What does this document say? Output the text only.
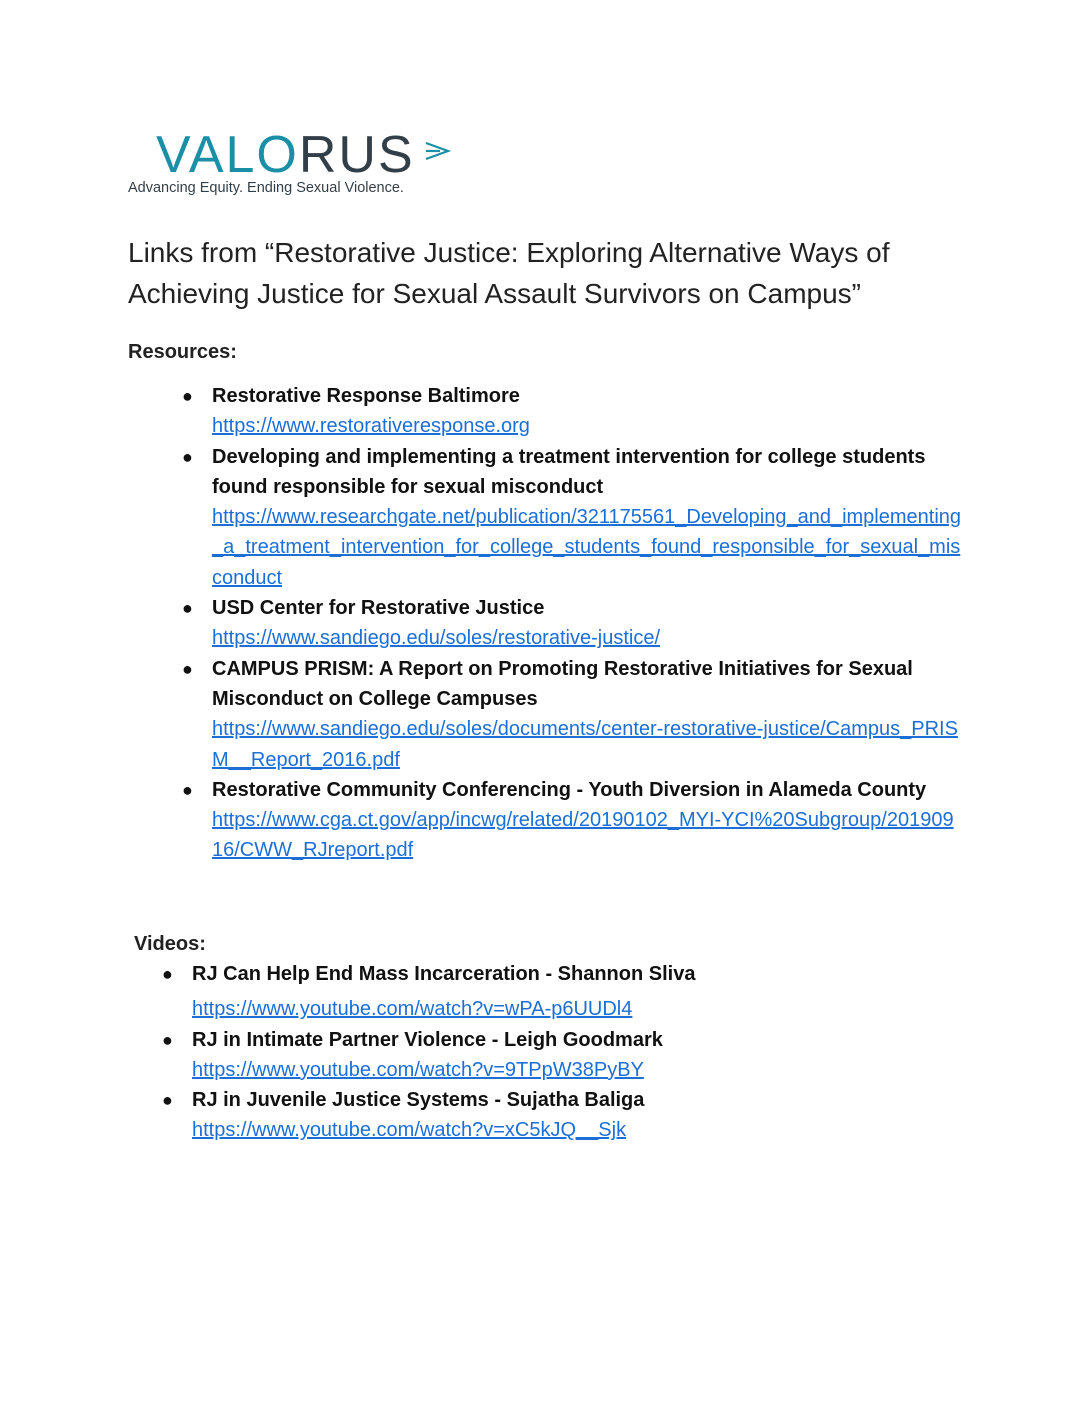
VALORUS
Advancing Equity. Ending Sexual Violence.
Links from “Restorative Justice: Exploring Alternative Ways of Achieving Justice for Sexual Assault Survivors on Campus”
Resources:
● Restorative Response Baltimore
https://www.restorativeresponse.org
● Developing and implementing a treatment intervention for college students found responsible for sexual misconduct
https://www.researchgate.net/publication/321175561_Developing_and_implementing_a_treatment_intervention_for_college_students_found_responsible_for_sexual_misconduct
● USD Center for Restorative Justice
https://www.sandiego.edu/soles/restorative-justice/
● CAMPUS PRISM: A Report on Promoting Restorative Initiatives for Sexual Misconduct on College Campuses
https://www.sandiego.edu/soles/documents/center-restorative-justice/Campus_PRISM__Report_2016.pdf
● Restorative Community Conferencing - Youth Diversion in Alameda County
https://www.cga.ct.gov/app/incwg/related/20190102_MYI-YCI%20Subgroup/20190916/CWW_RJreport.pdf
Videos:
● RJ Can Help End Mass Incarceration - Shannon Sliva
https://www.youtube.com/watch?v=wPA-p6UUDl4
● RJ in Intimate Partner Violence - Leigh Goodmark
https://www.youtube.com/watch?v=9TPpW38PyBY
● RJ in Juvenile Justice Systems - Sujatha Baliga
https://www.youtube.com/watch?v=xC5kJQ__Sjk
